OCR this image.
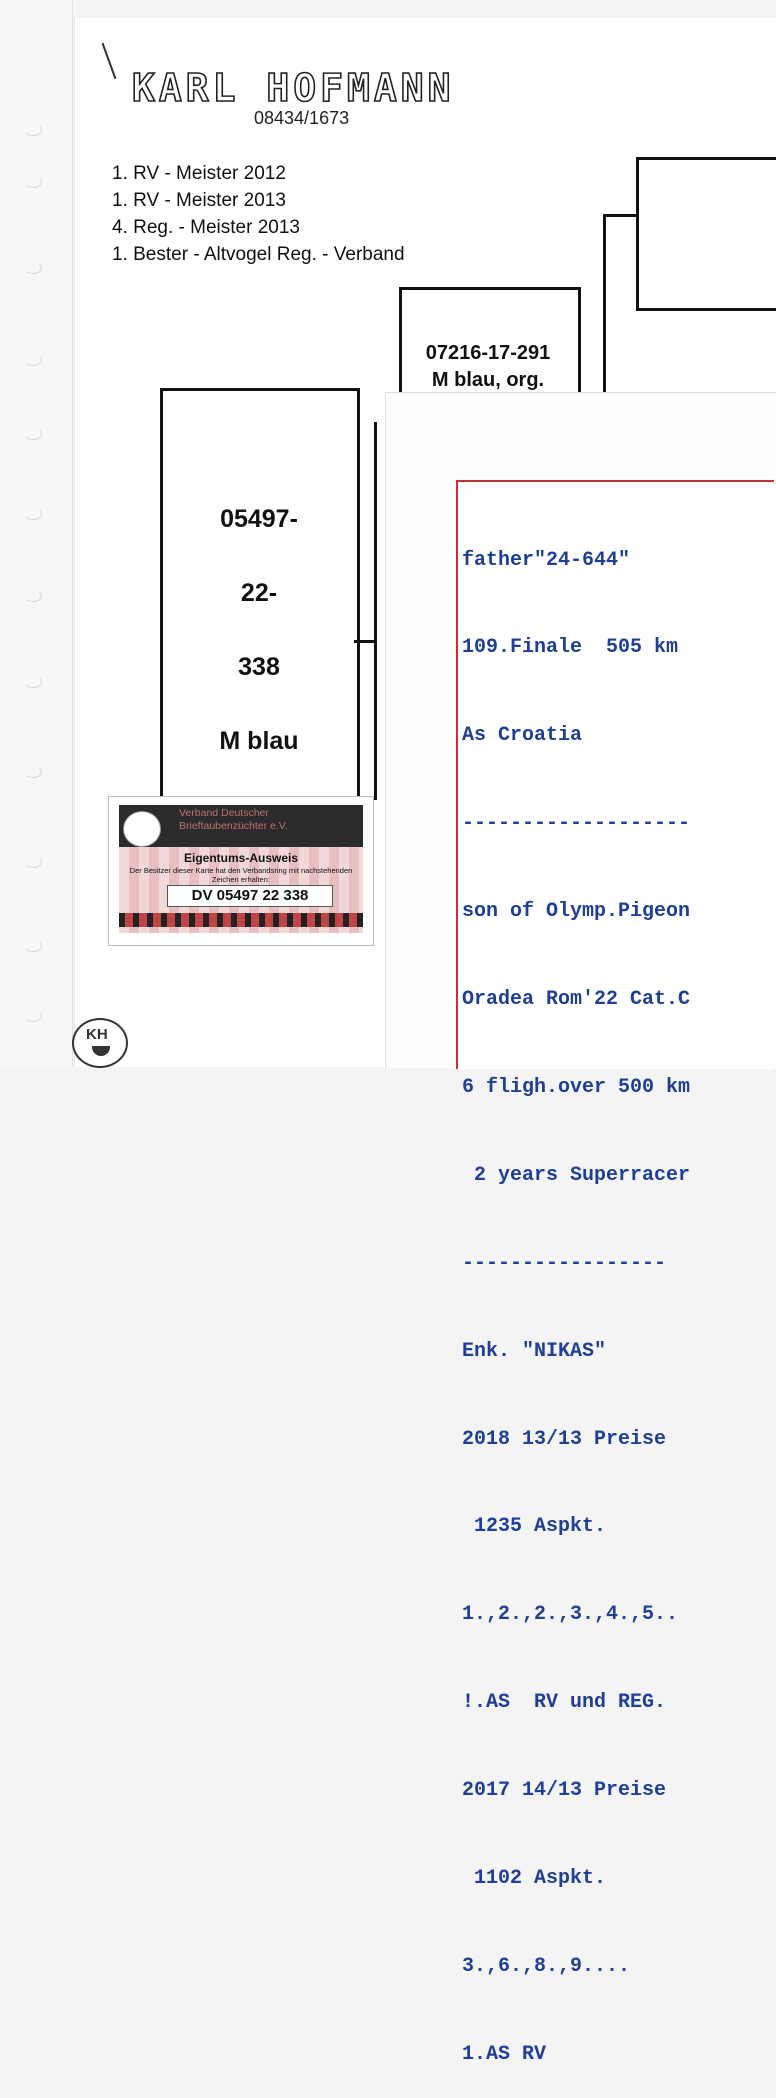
KARL HOFMANN
08434/1673
1. RV - Meister 2012
1. RV - Meister 2013
4. Reg. - Meister 2013
1. Bester - Altvogel Reg. - Verband
07216-17-291
M blau, org.
05497-
22-
338
M blau

father"24-644"

109.Finale  505 km

As Croatia

-------------------

son of Olymp.Pigeon

Oradea Rom'22 Cat.C

6 fligh.over 500 km

2 years Superracer

-----------------

Enk. "NIKAS"

2018 13/13 Preise

1235 Aspkt.

1.,2.,2.,3.,4.,5..

!.AS  RV und REG.

2017 14/13 Preise

1102 Aspkt.

3.,6.,8.,9....

1.AS RV

Verband Deutscher Brieftaubenzüchter e.V.
Eigentums-Ausweis
Der Besitzer dieser Karte hat den Verbandsring mit nachstehenden Zeichen erhalten:
DV 05497 22 338
KH
